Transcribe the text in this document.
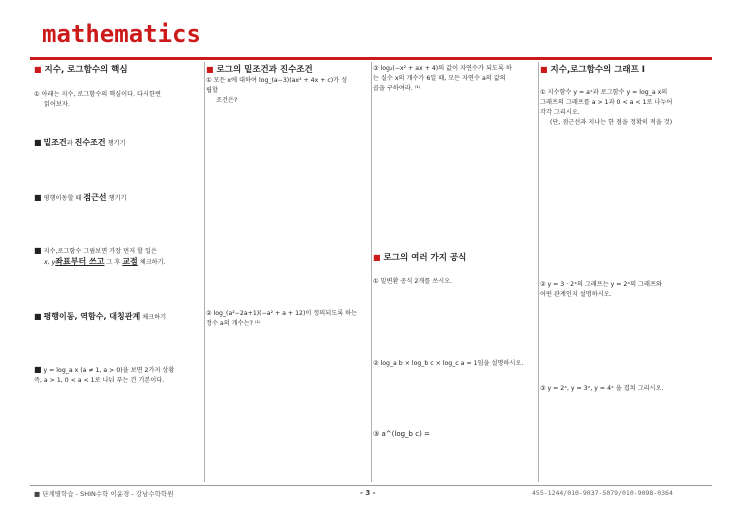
mathematics
■ 지수, 로그함수의 핵심
① 아래는 지수, 로그함수의 핵심이다. 다시한번
읽어보자.
■ 밑조건과 진수조건 챙기기
■ 평행이동할 때 점근선 챙기기
■ 지수,로그함수 그림보면 가장 먼저 할 일은
x, y좌표부터 쓰고 그 후 교점 체크하기.
■ 평행이동, 역함수, 대칭관계 체크하기
■ y = log_a x (a ≠ 1, a > 0)을 보면 2가지 상황
즉, a > 1, 0 < a < 1로 나눠 푸는 건 기본이다.
■ 로그의 밑조건과 진수조건
① 모든 x에 대하여 log_(a−3)(ax² + 4x + c)가 성
립할
조건은?
② log_(a²−2a+1)(−a² + a + 12)이 정의되도록 하는
정수 a의 개수는? ⁽¹⁾
③ log₂(−x² + ax + 4)의 값이 자연수가 되도록 하
는 실수 x의 개수가 6일 때, 모든 자연수 a의 값의
곱을 구하여라. ⁽¹⁾
■ 로그의 여러 가지 공식
① 밑변환 공식 2개를 쓰시오.
② log_a b × log_b c × log_c a = 1임을 설명하시오.
③ a^(log_b c) =
■ 지수,로그함수의 그래프 Ⅰ
① 지수함수 y = aˣ과 로그함수 y = log_a x의
그래프의 그래프를 a > 1과 0 < a < 1로 나누어
각각 그리시오.
(단, 점근선과 지나는 한 점을 정확히 적을 것)
② y = 3 · 2ˣ의 그래프는 y = 2ˣ의 그래프와
어떤 관계인지 설명하시오.
③ y = 2ˣ, y = 3ˣ, y = 4ˣ 을 겹쳐 그리시오.
■ 단계별학습 - SHIN수학 이윤경 - 강남수학학원	- 3 -	455-1244/010-9037-5079/010-9098-0364
